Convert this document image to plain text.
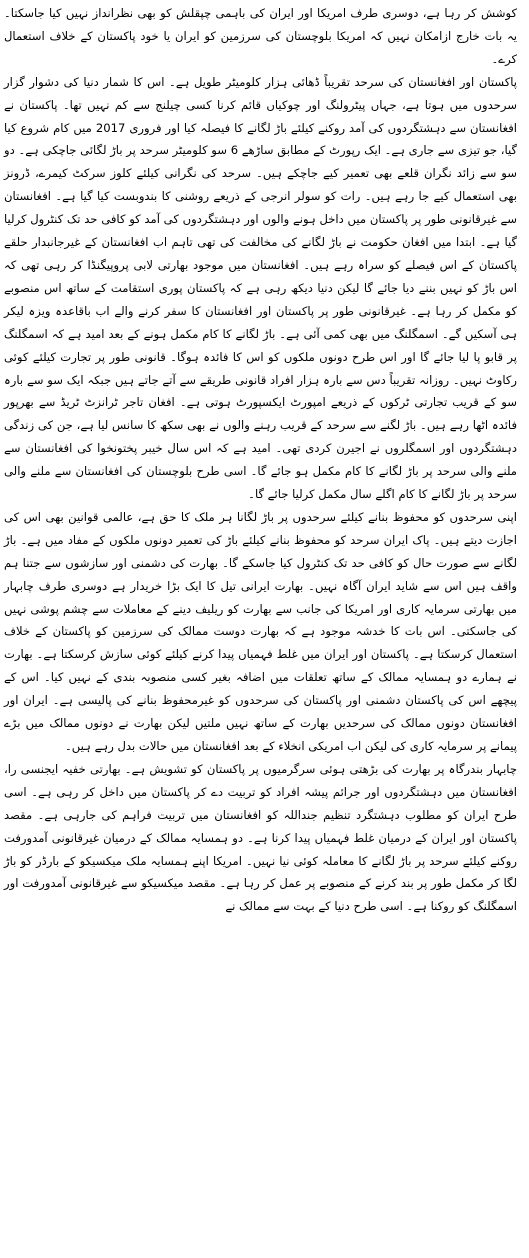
کوشش کر رہا ہے، دوسری طرف امریکا اور ایران کی باہمی چپقلش کو بھی نظرانداز نہیں کیا جاسکتا۔ یہ بات خارج ازامکان نہیں کہ امریکا بلوچستان کی سرزمین کو ایران یا خود پاکستان کے خلاف استعمال کرے۔

پاکستان اور افغانستان کی سرحد تقریباً ڈھائی ہزار کلومیٹر طویل ہے۔ اس کا شمار دنیا کی دشوار گزار سرحدوں میں ہوتا ہے، جہاں پیٹرولنگ اور چوکیاں قائم کرنا کسی چیلنج سے کم نہیں تھا۔ پاکستان نے افغانستان سے دہشتگردوں کی آمد روکنے کیلئے باڑ لگانے کا فیصلہ کیا اور فروری 2017 میں کام شروع کیا گیا، جو تیزی سے جاری ہے۔ ایک رپورٹ کے مطابق ساڑھے 6 سو کلومیٹر سرحد پر باڑ لگائی جاچکی ہے۔ دو سو سے زائد نگران قلعے بھی تعمیر کیے جاچکے ہیں۔ سرحد کی نگرانی کیلئے کلوز سرکٹ کیمرے، ڈرونز بھی استعمال کیے جا رہے ہیں۔ رات کو سولر انرجی کے ذریعے روشنی کا بندوبست کیا گیا ہے۔ افغانستان سے غیرقانونی طور پر پاکستان میں داخل ہونے والوں اور دہشتگردوں کی آمد کو کافی حد تک کنٹرول کرلیا گیا ہے۔ ابتدا میں افغان حکومت نے باڑ لگانے کی مخالفت کی تھی تاہم اب افغانستان کے غیرجانبدار حلقے پاکستان کے اس فیصلے کو سراہ رہے ہیں۔ افغانستان میں موجود بھارتی لابی پروپیگنڈا کر رہی تھی کہ اس باڑ کو نہیں بننے دیا جائے گا لیکن دنیا دیکھ رہی ہے کہ پاکستان پوری استقامت کے ساتھ اس منصوبے کو مکمل کر رہا ہے۔ غیرقانونی طور پر پاکستان اور افغانستان کا سفر کرنے والے اب باقاعدہ ویزہ لیکر ہی آسکیں گے۔ اسمگلنگ میں بھی کمی آئی ہے۔ باڑ لگانے کا کام مکمل ہونے کے بعد امید ہے کہ اسمگلنگ پر قابو پا لیا جائے گا اور اس طرح دونوں ملکوں کو اس کا فائدہ ہوگا۔ قانونی طور پر تجارت کیلئے کوئی رکاوٹ نہیں۔ روزانہ تقریباً دس سے بارہ ہزار افراد قانونی طریقے سے آتے جاتے ہیں جبکہ ایک سو سے بارہ سو کے قریب تجارتی ٹرکوں کے ذریعے امپورٹ ایکسپورٹ ہوتی ہے۔ افغان تاجر ٹرانزٹ ٹریڈ سے بھرپور فائدہ اٹھا رہے ہیں۔ باڑ لگنے سے سرحد کے قریب رہنے والوں نے بھی سکھ کا سانس لیا ہے، جن کی زندگی دہشتگردوں اور اسمگلروں نے اجیرن کردی تھی۔ امید ہے کہ اس سال خیبر پختونخوا کی افغانستان سے ملنے والی سرحد پر باڑ لگانے کا کام مکمل ہو جائے گا۔ اسی طرح بلوچستان کی افغانستان سے ملنے والی سرحد پر باڑ لگانے کا کام اگلے سال مکمل کرلیا جائے گا۔

اپنی سرحدوں کو محفوظ بنانے کیلئے سرحدوں پر باڑ لگانا ہر ملک کا حق ہے، عالمی قوانین بھی اس کی اجازت دیتے ہیں۔ پاک ایران سرحد کو محفوظ بنانے کیلئے باڑ کی تعمیر دونوں ملکوں کے مفاد میں ہے۔ باڑ لگانے سے صورت حال کو کافی حد تک کنٹرول کیا جاسکے گا۔ بھارت کی دشمنی اور سازشوں سے جتنا ہم واقف ہیں اس سے شاید ایران آگاہ نہیں۔ بھارت ایرانی تیل کا ایک بڑا خریدار ہے دوسری طرف چابہار میں بھارتی سرمایہ کاری اور امریکا کی جانب سے بھارت کو ریلیف دینے کے معاملات سے چشم پوشی نہیں کی جاسکتی۔ اس بات کا خدشہ موجود ہے کہ بھارت دوست ممالک کی سرزمین کو پاکستان کے خلاف استعمال کرسکتا ہے۔ پاکستان اور ایران میں غلط فہمیاں پیدا کرنے کیلئے کوئی سازش کرسکتا ہے۔ بھارت نے ہمارے دو ہمسایہ ممالک کے ساتھ تعلقات میں اضافہ بغیر کسی منصوبہ بندی کے نہیں کیا۔ اس کے پیچھے اس کی پاکستان دشمنی اور پاکستان کی سرحدوں کو غیرمحفوظ بنانے کی پالیسی ہے۔ ایران اور افغانستان دونوں ممالک کی سرحدیں بھارت کے ساتھ نہیں ملتیں لیکن بھارت نے دونوں ممالک میں بڑے پیمانے پر سرمایہ کاری کی لیکن اب امریکی انخلاء کے بعد افغانستان میں حالات بدل رہے ہیں۔

چابہار بندرگاہ پر بھارت کی بڑھتی ہوئی سرگرمیوں پر پاکستان کو تشویش ہے۔ بھارتی خفیہ ایجنسی را، افغانستان میں دہشتگردوں اور جرائم پیشہ افراد کو تربیت دے کر پاکستان میں داخل کر رہی ہے۔ اسی طرح ایران کو مطلوب دہشتگرد تنظیم جنداللہ کو افغانستان میں تربیت فراہم کی جارہی ہے۔ مقصد پاکستان اور ایران کے درمیان غلط فہمیاں پیدا کرنا ہے۔ دو ہمسایہ ممالک کے درمیان غیرقانونی آمدورفت روکنے کیلئے سرحد پر باڑ لگانے کا معاملہ کوئی نیا نہیں۔ امریکا اپنے ہمسایہ ملک میکسیکو کے بارڈر کو باڑ لگا کر مکمل طور پر بند کرنے کے منصوبے پر عمل کر رہا ہے۔ مقصد میکسیکو سے غیرقانونی آمدورفت اور اسمگلنگ کو روکنا ہے۔ اسی طرح دنیا کے بہت سے ممالک نے
